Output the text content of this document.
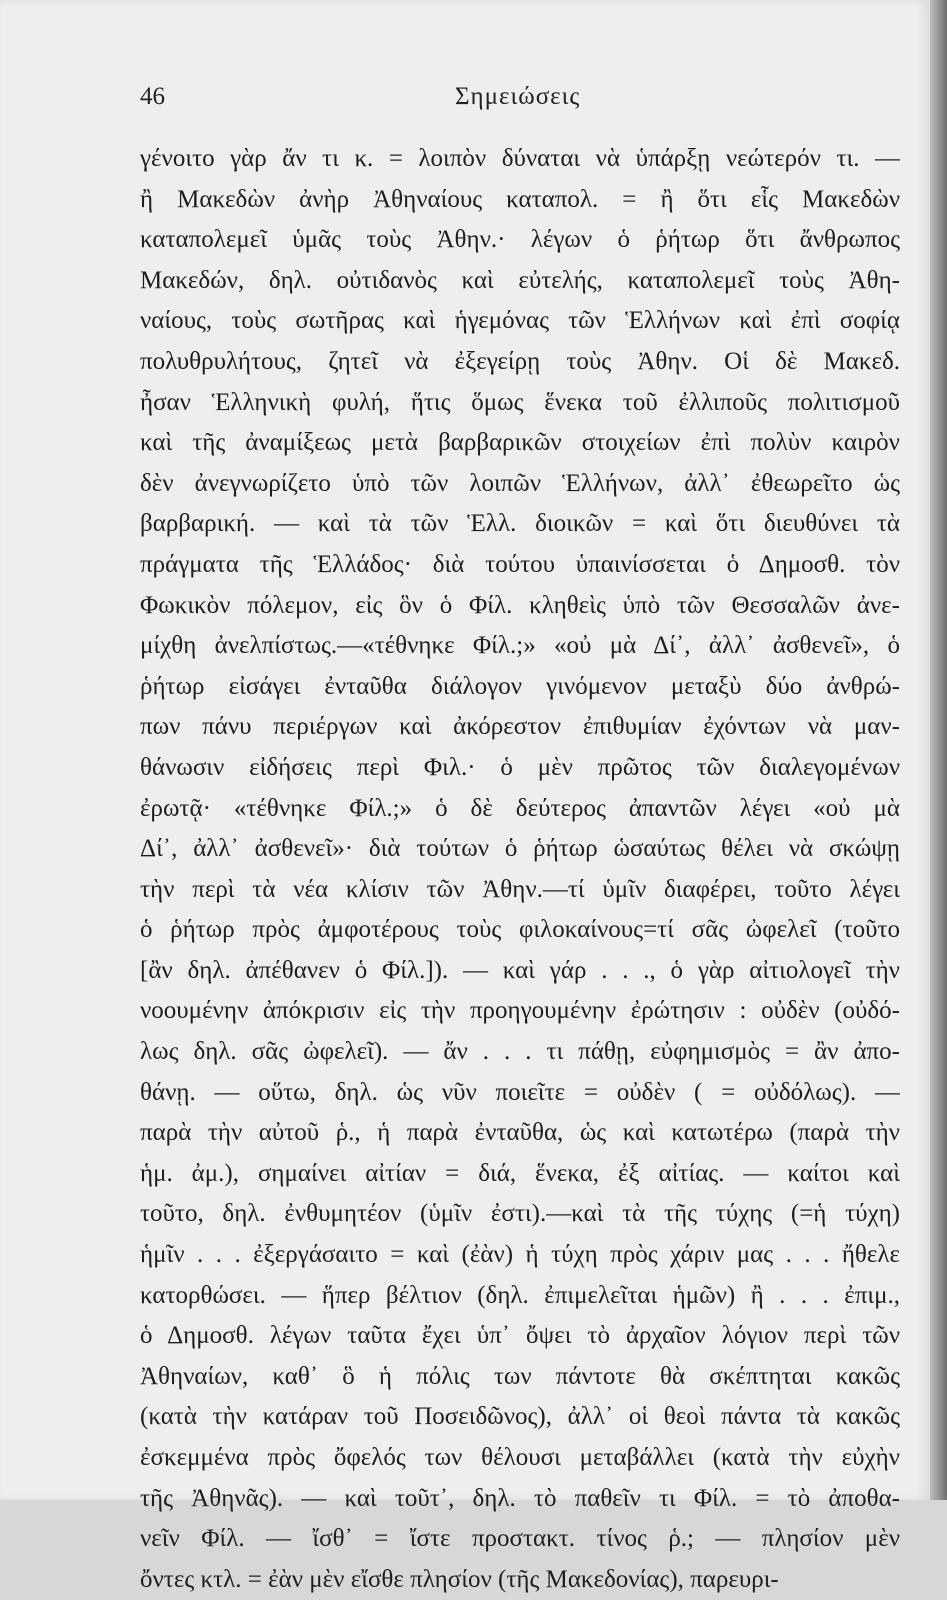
46	Σημειώσεις
γένοιτο γὰρ ἄν τι κ. = λοιπὸν δύναται νὰ ὑπάρξῃ νεώτερόν τι. —
ἢ Μακεδὼν ἀνὴρ Ἀθηναίους καταπολ. = ἢ ὅτι εἷς Μακεδὼν
καταπολεμεῖ ὑμᾶς τοὺς Ἀθην.· λέγων ὁ ῥήτωρ ὅτι ἄνθρωπος
Μακεδών, δηλ. οὐτιδανὸς καὶ εὐτελής, καταπολεμεῖ τοὺς Ἀθη-
ναίους, τοὺς σωτῆρας καὶ ἡγεμόνας τῶν Ἑλλήνων καὶ ἐπὶ σοφίᾳ
πολυθρυλήτους, ζητεῖ νὰ ἐξεγείρῃ τοὺς Ἀθην. Οἱ δὲ Μακεδ.
ἦσαν Ἑλληνικὴ φυλή, ἥτις ὅμως ἕνεκα τοῦ ἐλλιποῦς πολιτισμοῦ
καὶ τῆς ἀναμίξεως μετὰ βαρβαρικῶν στοιχείων ἐπὶ πολὺν καιρὸν
δὲν ἀνεγνωρίζετο ὑπὸ τῶν λοιπῶν Ἑλλήνων, ἀλλ᾽ ἐθεωρεῖτο ὡς
βαρβαρική. — καὶ τὰ τῶν Ἑλλ. διοικῶν = καὶ ὅτι διευθύνει τὰ
πράγματα τῆς Ἑλλάδος· διὰ τούτου ὑπαινίσσεται ὁ Δημοσθ. τὸν
Φωκικὸν πόλεμον, εἰς ὃν ὁ Φίλ. κληθεὶς ὑπὸ τῶν Θεσσαλῶν ἀνε-
μίχθη ἀνελπίστως.—«τέθνηκε Φίλ.;» «οὐ μὰ Δί᾽, ἀλλ᾽ ἀσθενεῖ», ὁ
ῥήτωρ εἰσάγει ἐνταῦθα διάλογον γινόμενον μεταξὺ δύο ἀνθρώ-
πων πάνυ περιέργων καὶ ἀκόρεστον ἐπιθυμίαν ἐχόντων νὰ μαν-
θάνωσιν εἰδήσεις περὶ Φιλ.· ὁ μὲν πρῶτος τῶν διαλεγομένων
ἐρωτᾷ· «τέθνηκε Φίλ.;» ὁ δὲ δεύτερος ἀπαντῶν λέγει «οὐ μὰ
Δί᾽, ἀλλ᾽ ἀσθενεῖ»· διὰ τούτων ὁ ῥήτωρ ὡσαύτως θέλει νὰ σκώψῃ
τὴν περὶ τὰ νέα κλίσιν τῶν Ἀθην.—τί ὑμῖν διαφέρει, τοῦτο λέγει
ὁ ῥήτωρ πρὸς ἀμφοτέρους τοὺς φιλοκαίνους=τί σᾶς ὠφελεῖ (τοῦτο
[ἂν δηλ. ἀπέθανεν ὁ Φίλ.]). — καὶ γάρ . . ., ὁ γὰρ αἰτιολογεῖ τὴν
νοουμένην ἀπόκρισιν εἰς τὴν προηγουμένην ἐρώτησιν : οὐδὲν (οὐδό-
λως δηλ. σᾶς ὠφελεῖ). — ἄν . . . τι πάθῃ, εὐφημισμὸς = ἂν ἀπο-
θάνῃ. — οὕτω, δηλ. ὡς νῦν ποιεῖτε = οὐδὲν ( = οὐδόλως). —
παρὰ τὴν αὐτοῦ ῥ., ἡ παρὰ ἐνταῦθα, ὡς καὶ κατωτέρω (παρὰ τὴν
ἡμ. ἀμ.), σημαίνει αἰτίαν = διά, ἕνεκα, ἐξ αἰτίας. — καίτοι καὶ
τοῦτο, δηλ. ἐνθυμητέον (ὑμῖν ἐστι).—καὶ τὰ τῆς τύχης (=ἡ τύχη)
ἡμῖν . . . ἐξεργάσαιτο = καὶ (ἐὰν) ἡ τύχη πρὸς χάριν μας . . . ἤθελε
κατορθώσει. — ἥπερ βέλτιον (δηλ. ἐπιμελεῖται ἡμῶν) ἢ . . . ἐπιμ.,
ὁ Δημοσθ. λέγων ταῦτα ἔχει ὑπ᾽ ὄψει τὸ ἀρχαῖον λόγιον περὶ τῶν
Ἀθηναίων, καθ᾽ ὃ ἡ πόλις των πάντοτε θὰ σκέπτηται κακῶς
(κατὰ τὴν κατάραν τοῦ Ποσειδῶνος), ἀλλ᾽ οἱ θεοὶ πάντα τὰ κακῶς
ἐσκεμμένα πρὸς ὄφελός των θέλουσι μεταβάλλει (κατὰ τὴν εὐχὴν
τῆς Ἀθηνᾶς). — καὶ τοῦτ᾽, δηλ. τὸ παθεῖν τι Φίλ. = τὸ ἀποθα-
νεῖν Φίλ. — ἴσθ᾽ = ἴστε προστακτ. τίνος ῥ.; — πλησίον μὲν
ὄντες κτλ. = ἐὰν μὲν εἴσθε πλησίον (τῆς Μακεδονίας), παρευρι-
